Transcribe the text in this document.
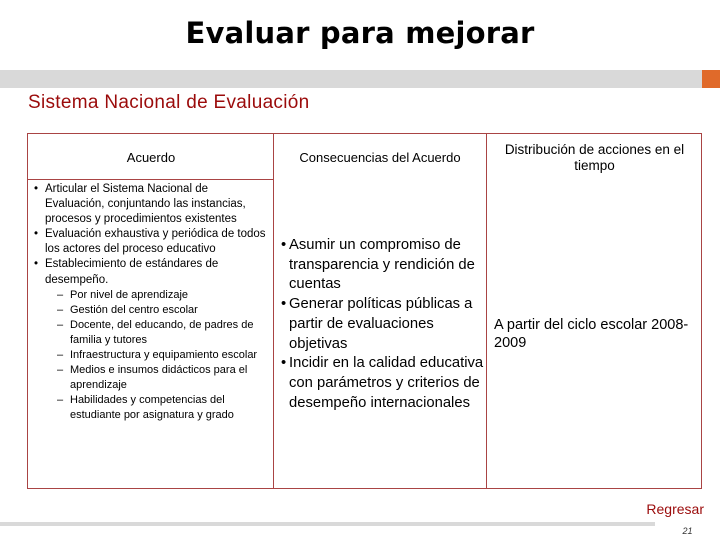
Evaluar para mejorar
Sistema Nacional de Evaluación
Acuerdo	Consecuencias del Acuerdo
Distribución de acciones en el tiempo
• Articular el Sistema Nacional de Evaluación, conjuntando las instancias, procesos y procedimientos existentes
• Evaluación exhaustiva y periódica de todos los actores del proceso educativo
• Establecimiento de estándares de desempeño.
– Por nivel de aprendizaje
– Gestión del centro escolar
– Docente, del educando, de padres de familia y tutores
– Infraestructura y equipamiento escolar
– Medios e insumos didácticos para el aprendizaje
– Habilidades y competencias del estudiante por asignatura y grado
• Asumir un compromiso de transparencia y rendición de cuentas
• Generar políticas públicas a partir de evaluaciones objetivas
• Incidir en la calidad educativa con parámetros y criterios de desempeño internacionales
A partir del ciclo escolar 2008-2009
Regresar
21
